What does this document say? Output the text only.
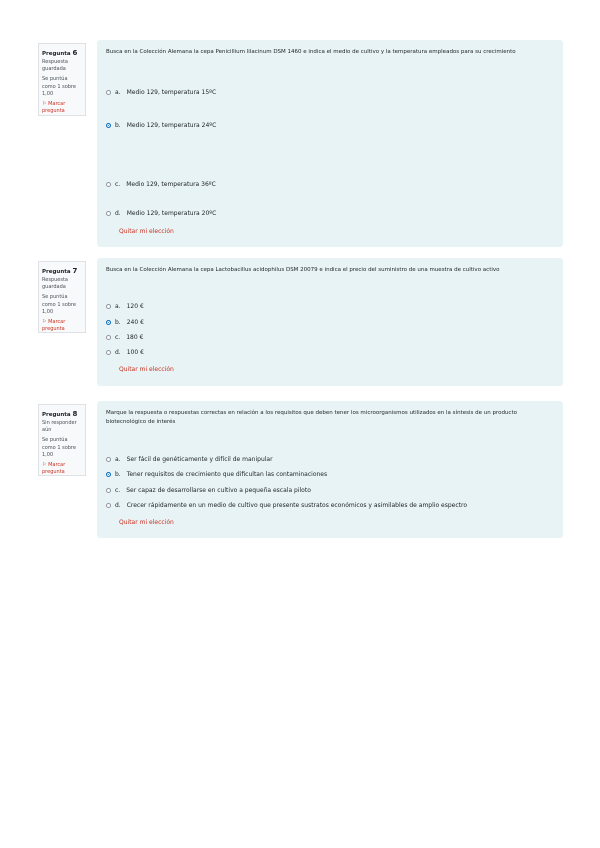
Pregunta 6
Respuesta guardada
Se puntúa como 1 sobre 1,00
⚐ Marcar pregunta
Busca en la Colección Alemana la cepa Penicillium lilacinum DSM 1460 e indica el medio de cultivo y la temperatura empleados para su crecimiento
a. Medio 129, temperatura 15ºC
b. Medio 129, temperatura 24ºC
c. Medio 129, temperatura 36ºC
d. Medio 129, temperatura 20ºC
Quitar mi elección
Pregunta 7
Respuesta guardada
Se puntúa como 1 sobre 1,00
⚐ Marcar pregunta
Busca en la Colección Alemana la cepa Lactobacillus acidophilus DSM 20079 e indica el precio del suministro de una muestra de cultivo activo
a. 120 €
b. 240 €
c. 180 €
d. 100 €
Quitar mi elección
Pregunta 8
Sin responder aún
Se puntúa como 1 sobre 1,00
⚐ Marcar pregunta
Marque la respuesta o respuestas correctas en relación a los requisitos que deben tener los microorganismos utilizados en la síntesis de un producto biotecnológico de interés
a. Ser fácil de genéticamente y difícil de manipular
b. Tener requisitos de crecimiento que dificultan las contaminaciones
c. Ser capaz de desarrollarse en cultivo a pequeña escala piloto
d. Crecer rápidamente en un medio de cultivo que presente sustratos económicos y asimilables de amplio espectro
Quitar mi elección
